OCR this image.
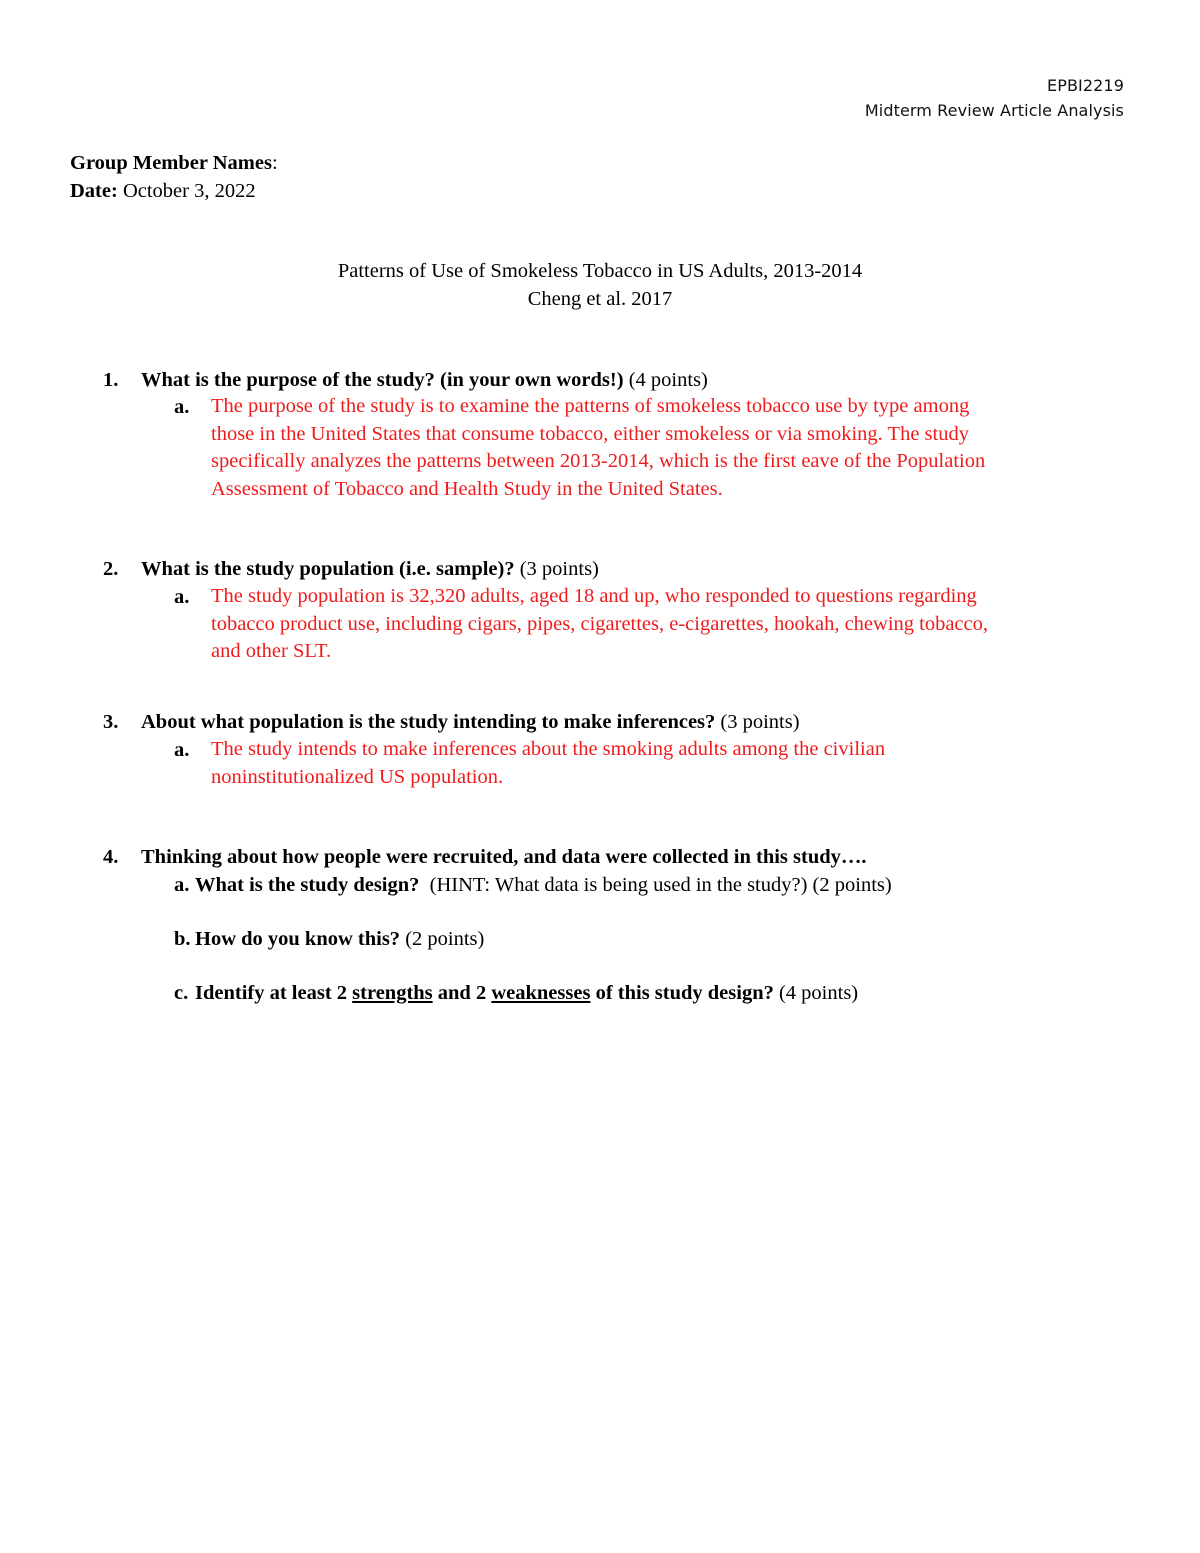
EPBI2219
Midterm Review Article Analysis
Group Member Names:
Date: October 3, 2022
Patterns of Use of Smokeless Tobacco in US Adults, 2013-2014
Cheng et al. 2017
1. What is the purpose of the study? (in your own words!) (4 points)
a. The purpose of the study is to examine the patterns of smokeless tobacco use by type among
those in the United States that consume tobacco, either smokeless or via smoking. The study
specifically analyzes the patterns between 2013-2014, which is the first eave of the Population
Assessment of Tobacco and Health Study in the United States.
2. What is the study population (i.e. sample)? (3 points)
a. The study population is 32,320 adults, aged 18 and up, who responded to questions regarding
tobacco product use, including cigars, pipes, cigarettes, e-cigarettes, hookah, chewing tobacco,
and other SLT.
3. About what population is the study intending to make inferences? (3 points)
a. The study intends to make inferences about the smoking adults among the civilian
noninstitutionalized US population.
4. Thinking about how people were recruited, and data were collected in this study….
a. What is the study design?  (HINT: What data is being used in the study?) (2 points)
b. How do you know this? (2 points)
c. Identify at least 2 strengths and 2 weaknesses of this study design? (4 points)
